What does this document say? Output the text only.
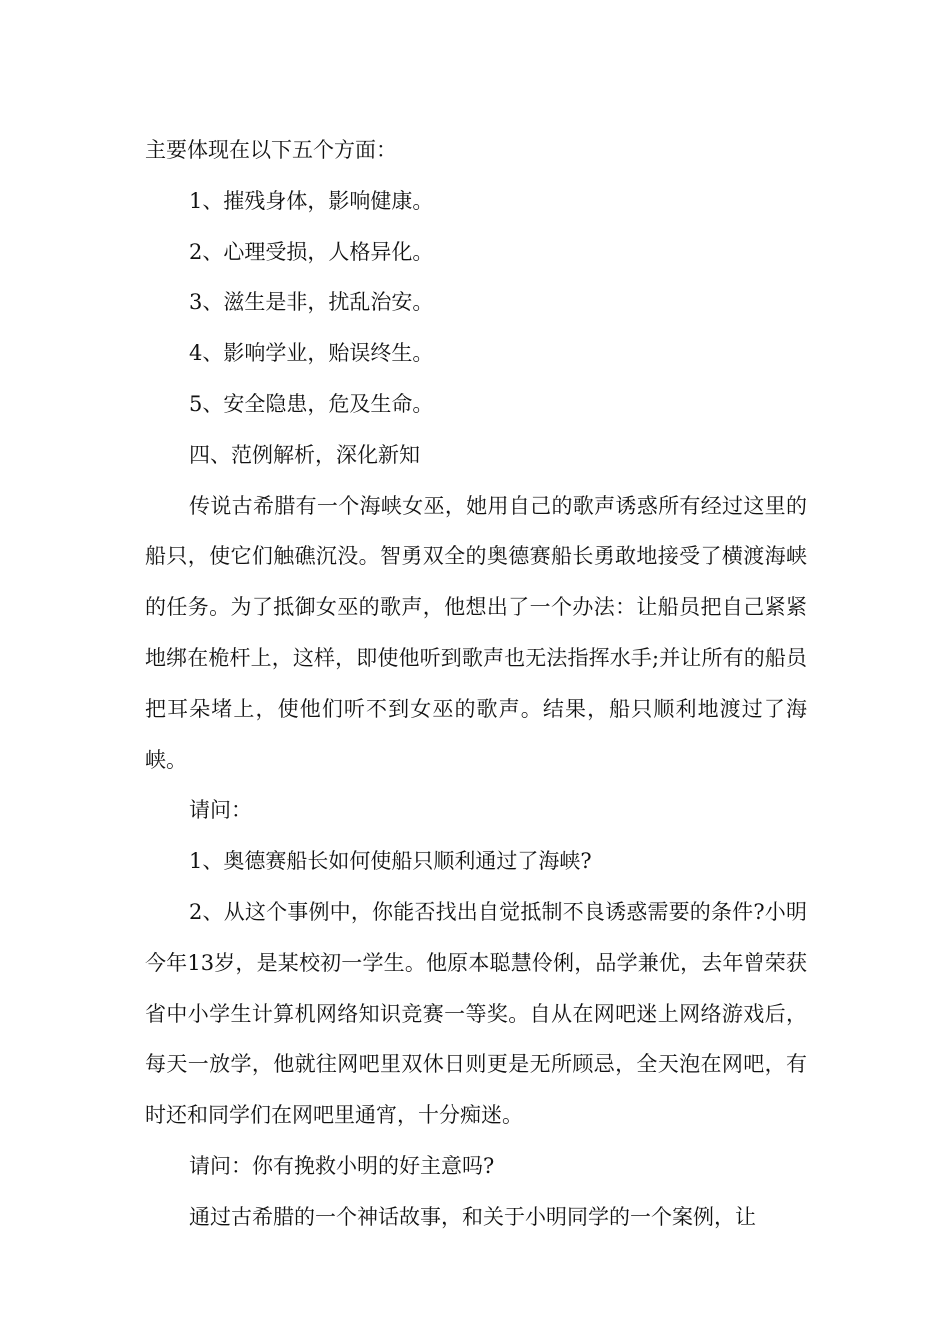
主要体现在以下五个方面：

1、摧残身体，影响健康。

2、心理受损，人格异化。

3、滋生是非，扰乱治安。

4、影响学业，贻误终生。

5、安全隐患，危及生命。

四、范例解析，深化新知

传说古希腊有一个海峡女巫，她用自己的歌声诱惑所有经过这里的船只，使它们触礁沉没。智勇双全的奥德赛船长勇敢地接受了横渡海峡的任务。为了抵御女巫的歌声，他想出了一个办法：让船员把自己紧紧地绑在桅杆上，这样，即使他听到歌声也无法指挥水手;并让所有的船员把耳朵堵上，使他们听不到女巫的歌声。结果，船只顺利地渡过了海峡。

请问：

1、奥德赛船长如何使船只顺利通过了海峡?

2、从这个事例中，你能否找出自觉抵制不良诱惑需要的条件?小明今年13岁，是某校初一学生。他原本聪慧伶俐，品学兼优，去年曾荣获省中小学生计算机网络知识竞赛一等奖。自从在网吧迷上网络游戏后，每天一放学，他就往网吧里双休日则更是无所顾忌，全天泡在网吧，有时还和同学们在网吧里通宵，十分痴迷。

请问：你有挽救小明的好主意吗?

通过古希腊的一个神话故事，和关于小明同学的一个案例，让
